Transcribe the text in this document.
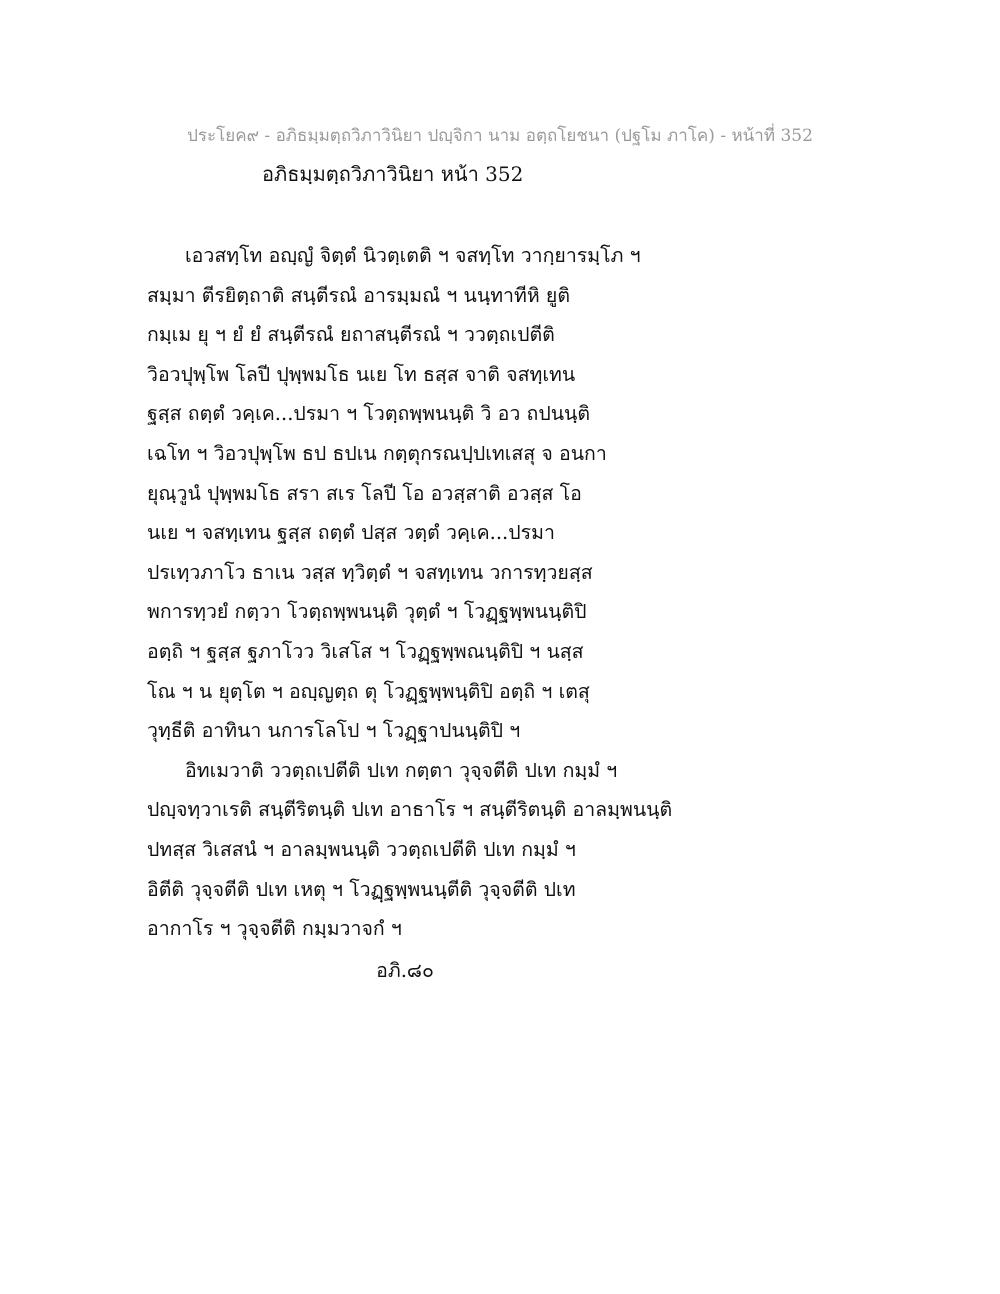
ประโยค๙ - อภิธมฺมตฺถวิภาวินิยา ปญฺจิกา นาม อตฺถโยชนา (ปฐโม ภาโค) - หน้าที่ 352
อภิธมฺมตฺถวิภาวินิยา หน้า 352
เอวสทฺโท อญฺญํ จิตฺตํ นิวตฺเตติ ฯ จสทฺโท วากฺยารมฺโภ ฯ
สมฺมา ตีรยิตฺถาติ สนฺตีรณํ อารมฺมณํ ฯ นนฺทาทีหิ ยูติ
กมฺเม ยุ ฯ ยํ ยํ สนฺตีรณํ ยถาสนฺตีรณํ ฯ ววตฺถเปตีติ
วิอวปุพฺโพ โลปี ปุพฺพมโธ นเย โท ธสฺส จาติ จสทฺเทน
ฐสฺส ถตฺตํ วคฺเค...ปรมา ฯ โวตฺถพฺพนนฺติ วิ อว ถปนนฺติ
เฉโท ฯ วิอวปุพฺโพ ธป ธปเน กตฺตุกรณปฺปเทเสสุ จ อนกา
ยุณฺวูนํ ปุพฺพมโธ สรา สเร โลปี โอ อวสฺสาติ อวสฺส โอ
นเย ฯ จสทฺเทน ฐสฺส ถตฺตํ ปสฺส วตฺตํ วคฺเค...ปรมา
ปรเทฺวภาโว ธาเน วสฺส ทฺวิตฺตํ ฯ จสทฺเทน วการทฺวยสฺส
พการทฺวยํ กตฺวา โวตฺถพฺพนนฺติ วุตฺตํ ฯ โวฏฺฐพฺพนนฺติปิ
อตฺถิ ฯ ฐสฺส ฐภาโวว วิเสโส ฯ โวฏฺฐพฺพณนฺติปิ ฯ นสฺส
โณ ฯ น ยุตฺโต ฯ อญฺญตฺถ ตุ โวฏฺฐพฺพนฺติปิ อตฺถิ ฯ เตสุ
วุทฺธีติ อาทินา นการโลโป ฯ โวฏฺฐาปนนฺติปิ ฯ
อิทเมวาติ ววตฺถเปตีติ ปเท กตฺตา วุจฺจตีติ ปเท กมฺมํ ฯ
ปญฺจทฺวาเรติ สนฺตีริตนฺติ ปเท อาธาโร ฯ สนฺตีริตนฺติ อาลมฺพนนฺติ
ปทสฺส วิเสสนํ ฯ อาลมฺพนนฺติ ววตฺถเปตีติ ปเท กมฺมํ ฯ
อิตีติ วุจฺจตีติ ปเท เหตุ ฯ โวฏฺฐพฺพนนฺตีติ วุจฺจตีติ ปเท
อากาโร ฯ วุจฺจตีติ กมฺมวาจกํ ฯ
อภิ.๘๐
